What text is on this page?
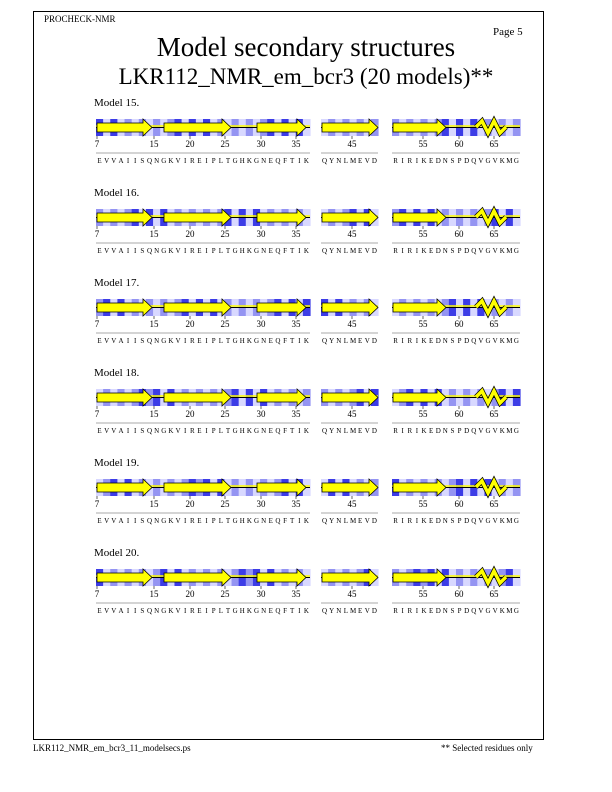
PROCHECK-NMR
Page 5
Model secondary structures
LKR112_NMR_em_bcr3 (20 models)**
Model 15.
E V V A I I S Q N G K V I R E I P L T G H K G N E Q F T I K Q Y N L M E V D R I R I K E D N S P D Q V G V K M G
7	15	20	25	30	35	45	55	60	65
Model 16.
E V V A I I S Q N G K V I R E I P L T G H K G N E Q F T I K Q Y N L M E V D R I R I K E D N S P D Q V G V K M G
7	15	20	25	30	35	45	55	60	65
Model 17.
E V V A I I S Q N G K V I R E I P L T G H K G N E Q F T I K Q Y N L M E V D R I R I K E D N S P D Q V G V K M G
7	15	20	25	30	35	45	55	60	65
Model 18.
E V V A I I S Q N G K V I R E I P L T G H K G N E Q F T I K Q Y N L M E V D R I R I K E D N S P D Q V G V K M G
7	15	20	25	30	35	45	55	60	65
Model 19.
E V V A I I S Q N G K V I R E I P L T G H K G N E Q F T I K Q Y N L M E V D R I R I K E D N S P D Q V G V K M G
7	15	20	25	30	35	45	55	60	65
Model 20.
E V V A I I S Q N G K V I R E I P L T G H K G N E Q F T I K Q Y N L M E V D R I R I K E D N S P D Q V G V K M G
7	15	20	25	30	35	45	55	60	65
LKR112_NMR_em_bcr3_11_modelsecs.ps	** Selected residues only
